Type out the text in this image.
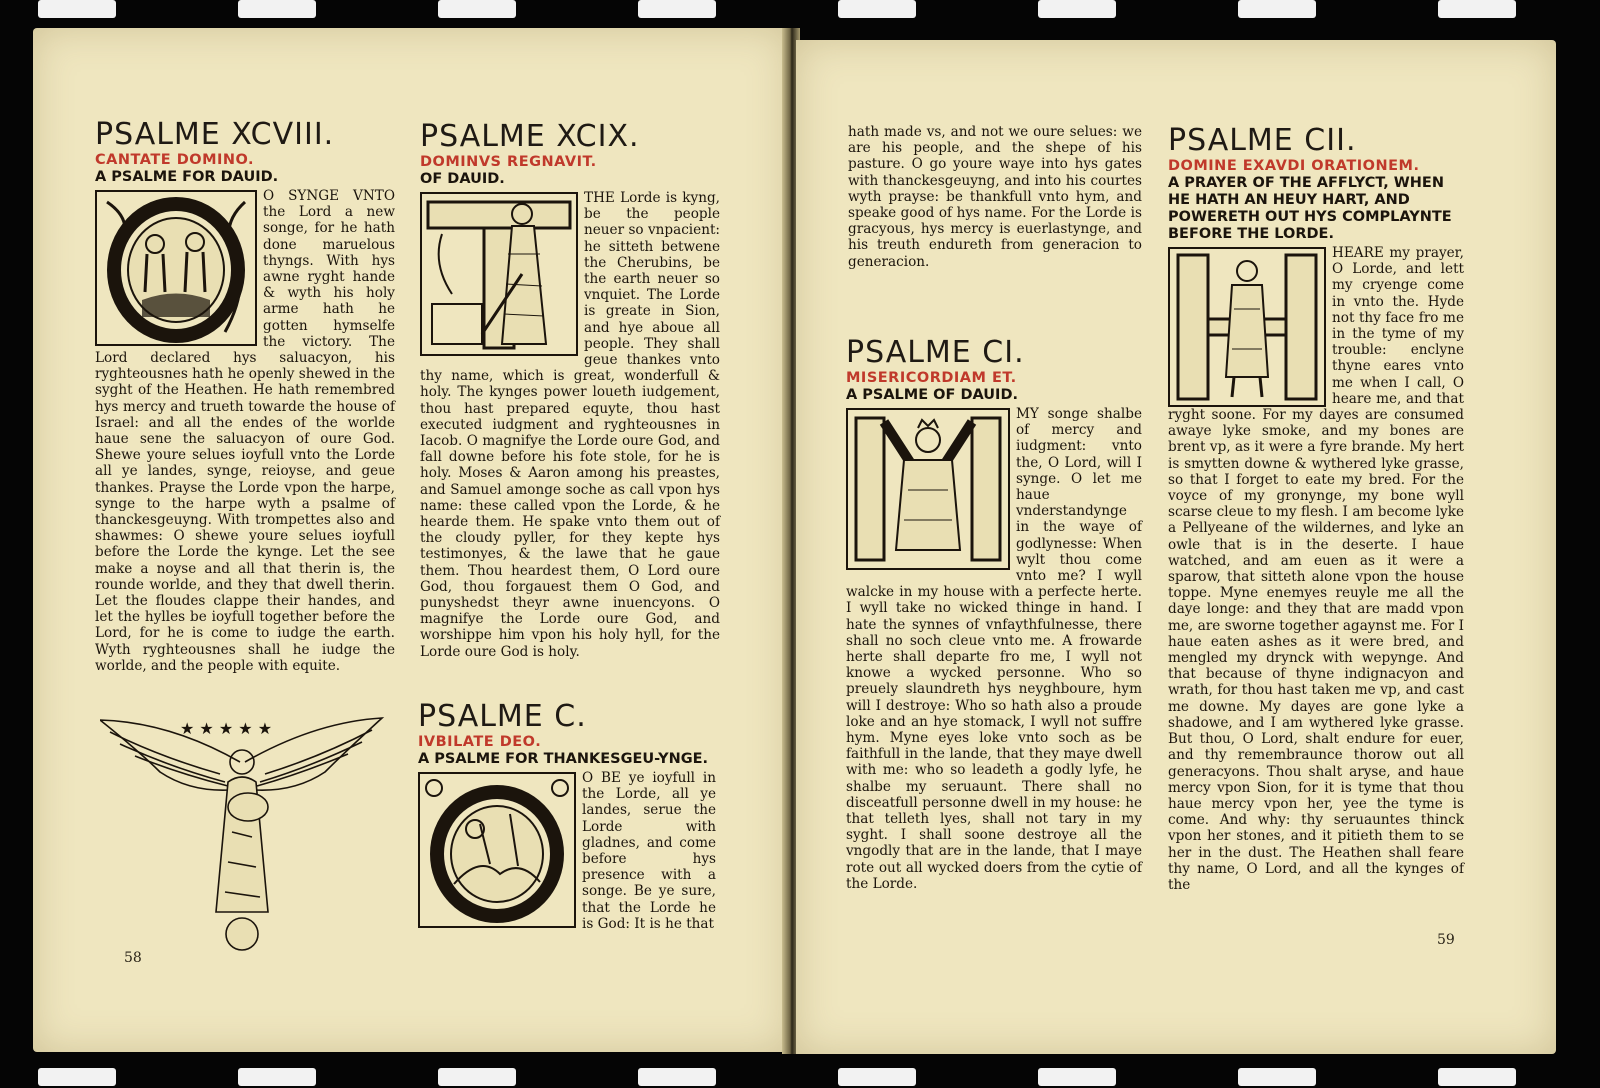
PSALME XCVIII.

CANTATE DOMINO.

A PSALME FOR DAUID.

O SYNGE VNTO the Lord a new songe, for he hath done maruelous thyngs. With hys awne ryght hande & wyth his holy arme hath he gotten hymselfe the victory. The Lord declared hys saluacyon, his ryghteousnes hath he openly shewed in the syght of the Heathen. He hath remembred hys mercy and trueth towarde the house of Israel: and all the endes of the worlde haue sene the saluacyon of oure God. Shewe youre selues ioyfull vnto the Lorde all ye landes, synge, reioyse, and geue thankes. Prayse the Lorde vpon the harpe, synge to the harpe wyth a psalme of thanckesgeuyng. With trompettes also and shawmes: O shewe youre selues ioyfull before the Lorde the kynge. Let the see make a noyse and all that therin is, the rounde worlde, and they that dwell therin. Let the floudes clappe their handes, and let the hylles be ioyfull together before the Lord, for he is come to iudge the earth. Wyth ryghteousnes shall he iudge the worlde, and the people with equite.

★ ★ ★ ★ ★
58
PSALME XCIX.

DOMINVS REGNAVIT.

OF DAUID.

THE Lorde is kyng, be the people neuer so vnpacient: he sitteth betwene the Cherubins, be the earth neuer so vnquiet. The Lorde is greate in Sion, and hye aboue all people. They shall geue thankes vnto thy name, which is great, wonderfull & holy. The kynges power loueth iudgement, thou hast prepared equyte, thou hast executed iudgment and ryghteousnes in Iacob. O magnifye the Lorde oure God, and fall downe before his fote stole, for he is holy. Moses & Aaron among his preastes, and Samuel amonge soche as call vpon hys name: these called vpon the Lorde, & he hearde them. He spake vnto them out of the cloudy pyller, for they kepte hys testimonyes, & the lawe that he gaue them. Thou heardest them, O Lord oure God, thou forgauest them O God, and punyshedst theyr awne inuencyons. O magnifye the Lorde oure God, and worshippe him vpon his holy hyll, for the Lorde oure God is holy.

PSALME C.

IVBILATE DEO.

A PSALME FOR THANKESGEU-YNGE.

O BE ye ioyfull in the Lorde, all ye landes, serue the Lorde with gladnes, and come before hys presence with a songe. Be ye sure, that the Lorde he is God: It is he that

hath made vs, and not we oure selues: we are his people, and the shepe of his pasture. O go youre waye into hys gates with thanckesgeuyng, and into his courtes wyth prayse: be thankfull vnto hym, and speake good of hys name. For the Lorde is gracyous, hys mercy is euerlastynge, and his treuth endureth from generacion to generacion.

PSALME CI.

MISERICORDIAM ET.

A PSALME OF DAUID.

MY songe shalbe of mercy and iudgment: vnto the, O Lord, will I synge. O let me haue vnderstandynge in the waye of godlynesse: When wylt thou come vnto me? I wyll walcke in my house with a perfecte herte. I wyll take no wicked thinge in hand. I hate the synnes of vnfaythfulnesse, there shall no soch cleue vnto me. A frowarde herte shall departe fro me, I wyll not knowe a wycked personne. Who so preuely slaundreth hys neyghboure, hym will I destroye: Who so hath also a proude loke and an hye stomack, I wyll not suffre hym. Myne eyes loke vnto soch as be faithfull in the lande, that they maye dwell with me: who so leadeth a godly lyfe, he shalbe my seruaunt. There shall no disceatfull personne dwell in my house: he that telleth lyes, shall not tary in my syght. I shall soone destroye all the vngodly that are in the lande, that I maye rote out all wycked doers from the cytie of the Lorde.

PSALME CII.

DOMINE EXAVDI ORATIONEM.

A PRAYER OF THE AFFLYCT, WHEN HE HATH AN HEUY HART, AND POWERETH OUT HYS COMPLAYNTE BEFORE THE LORDE.

HEARE my prayer, O Lorde, and lett my cryenge come in vnto the. Hyde not thy face fro me in the tyme of my trouble: enclyne thyne eares vnto me when I call, O heare me, and that ryght soone. For my dayes are consumed awaye lyke smoke, and my bones are brent vp, as it were a fyre brande. My hert is smytten downe & wythered lyke grasse, so that I forget to eate my bred. For the voyce of my gronynge, my bone wyll scarse cleue to my flesh. I am become lyke a Pellyeane of the wildernes, and lyke an owle that is in the deserte. I haue watched, and am euen as it were a sparow, that sitteth alone vpon the house toppe. Myne enemyes reuyle me all the daye longe: and they that are madd vpon me, are sworne together agaynst me. For I haue eaten ashes as it were bred, and mengled my drynck with wepynge. And that because of thyne indignacyon and wrath, for thou hast taken me vp, and cast me downe. My dayes are gone lyke a shadowe, and I am wythered lyke grasse. But thou, O Lord, shalt endure for euer, and thy remembraunce thorow out all generacyons. Thou shalt aryse, and haue mercy vpon Sion, for it is tyme that thou haue mercy vpon her, yee the tyme is come. And why: thy seruauntes thinck vpon her stones, and it pitieth them to se her in the dust. The Heathen shall feare thy name, O Lord, and all the kynges of the

59
